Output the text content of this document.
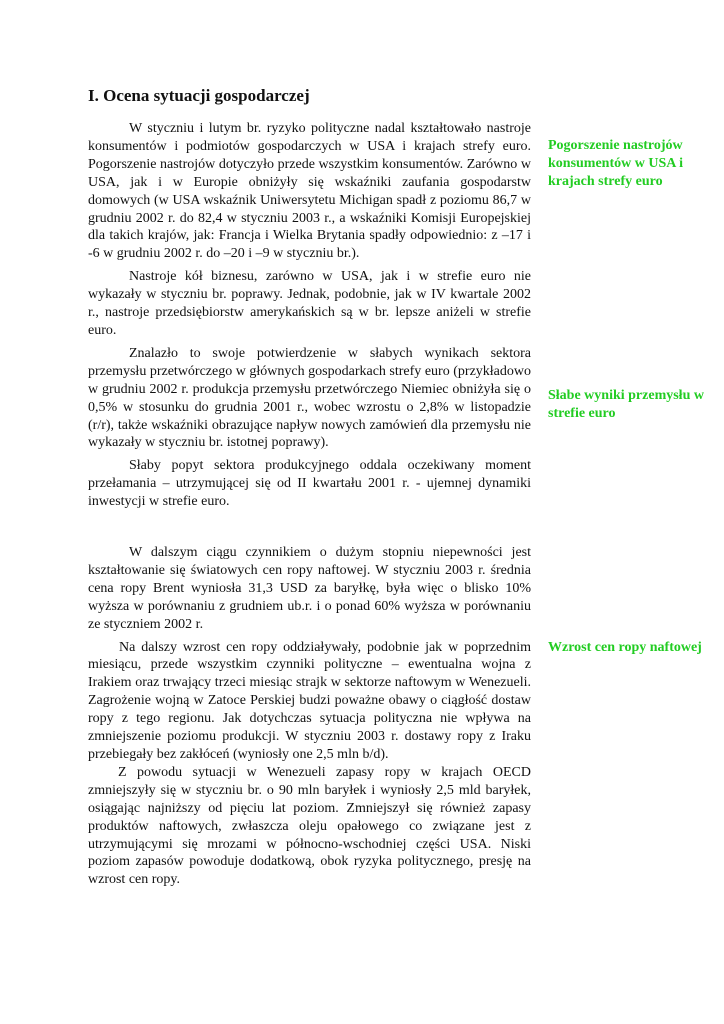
I. Ocena sytuacji gospodarczej

W styczniu i lutym br. ryzyko polityczne nadal kształtowało nastroje konsumentów i podmiotów gospodarczych w USA i krajach strefy euro. Pogorszenie nastrojów dotyczyło przede wszystkim konsumentów. Zarówno w USA, jak i w Europie obniżyły się wskaźniki zaufania gospodarstw domowych (w USA wskaźnik Uniwersytetu Michigan spadł z poziomu 86,7 w grudniu 2002 r. do 82,4 w styczniu 2003 r., a wskaźniki Komisji Europejskiej dla takich krajów, jak: Francja i Wielka Brytania spadły odpowiednio: z –17 i -6 w grudniu 2002 r. do –20 i –9 w styczniu br.).

Nastroje kół biznesu, zarówno w USA, jak i w strefie euro nie wykazały w styczniu br. poprawy. Jednak, podobnie, jak w IV kwartale 2002 r., nastroje przedsiębiorstw amerykańskich są w br. lepsze aniżeli w strefie euro.

Znalazło to swoje potwierdzenie w słabych wynikach sektora przemysłu przetwórczego w głównych gospodarkach strefy euro (przykładowo w grudniu 2002 r. produkcja przemysłu przetwórczego Niemiec obniżyła się o 0,5% w stosunku do grudnia 2001 r., wobec wzrostu o 2,8% w listopadzie (r/r), także wskaźniki obrazujące napływ nowych zamówień dla przemysłu nie wykazały w styczniu br. istotnej poprawy).

Słaby popyt sektora produkcyjnego oddala oczekiwany moment przełamania – utrzymującej się od II kwartału 2001 r. - ujemnej dynamiki inwestycji w strefie euro.

W dalszym ciągu czynnikiem o dużym stopniu niepewności jest kształtowanie się światowych cen ropy naftowej. W styczniu 2003 r. średnia cena ropy Brent wyniosła 31,3 USD za baryłkę, była więc o blisko 10% wyższa w porównaniu z grudniem ub.r. i o ponad 60% wyższa w porównaniu ze styczniem 2002 r.

Na dalszy wzrost cen ropy oddziaływały, podobnie jak w poprzednim miesiącu, przede wszystkim czynniki polityczne – ewentualna wojna z Irakiem oraz trwający trzeci miesiąc strajk w sektorze naftowym w Wenezueli. Zagrożenie wojną w Zatoce Perskiej budzi poważne obawy o ciągłość dostaw ropy z tego regionu. Jak dotychczas sytuacja polityczna nie wpływa na zmniejszenie poziomu produkcji. W styczniu 2003 r. dostawy ropy z Iraku przebiegały bez zakłóceń (wyniosły one 2,5 mln b/d).

Z powodu sytuacji w Wenezueli zapasy ropy w krajach OECD zmniejszyły się w styczniu br. o 90 mln baryłek i wyniosły 2,5 mld baryłek, osiągając najniższy od pięciu lat poziom. Zmniejszył się również zapasy produktów naftowych, zwłaszcza oleju opałowego co związane jest z utrzymującymi się mrozami w północno-wschodniej części USA. Niski poziom zapasów powoduje dodatkową, obok ryzyka politycznego, presję na wzrost cen ropy.

Pogorszenie nastrojów konsumentów w USA i krajach strefy euro
Słabe wyniki przemysłu w strefie euro
Wzrost cen ropy naftowej
